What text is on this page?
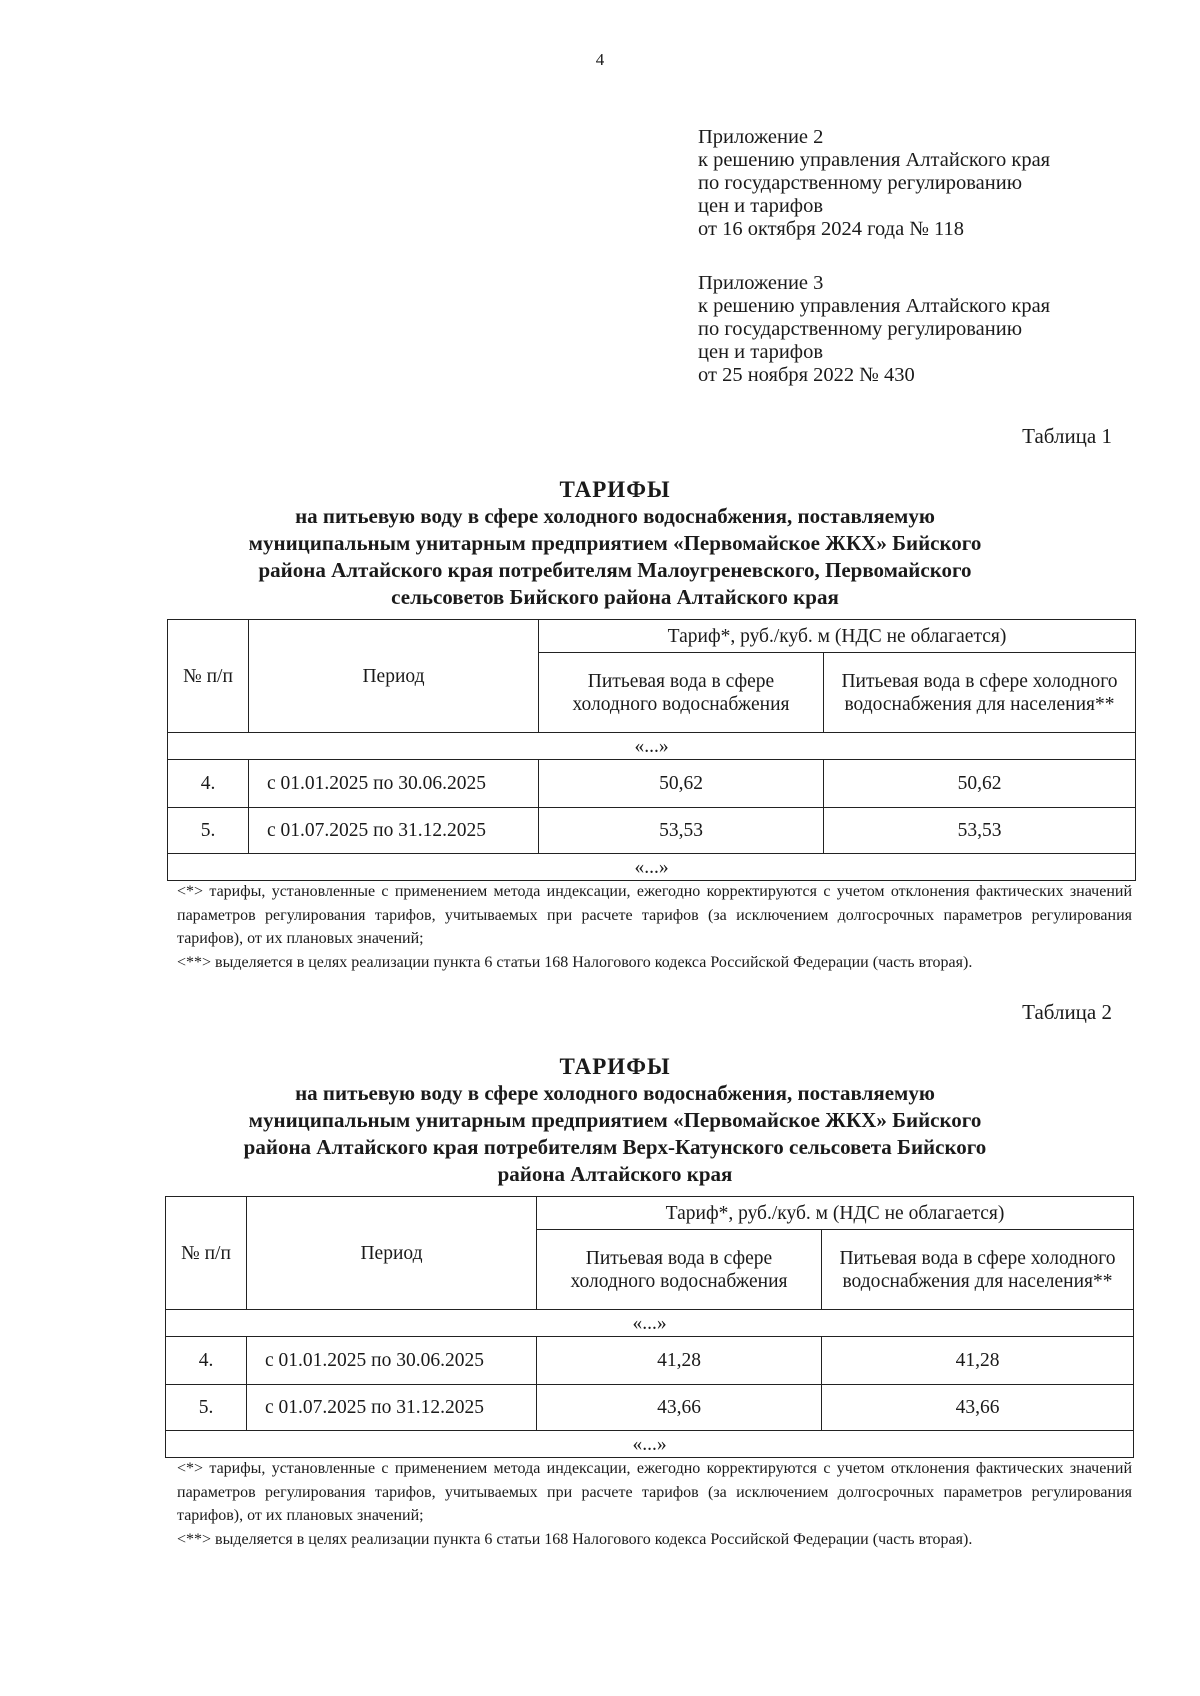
4
Приложение 2
к решению управления Алтайского края
по государственному регулированию
цен и тарифов
от 16 октября 2024 года № 118
Приложение 3
к решению управления Алтайского края
по государственному регулированию
цен и тарифов
от 25 ноября 2022 № 430
Таблица 1
ТАРИФЫ
на питьевую воду в сфере холодного водоснабжения, поставляемую
муниципальным унитарным предприятием «Первомайское ЖКХ» Бийского
района Алтайского края потребителям Малоугреневского, Первомайского
сельсоветов Бийского района Алтайского края
№ п/п	Период	Тариф*, руб./куб. м (НДС не облагается)	
		Питьевая вода в сфере холодного водоснабжения	Питьевая вода в сфере холодного водоснабжения для населения**
«...»			
4.	с 01.01.2025 по 30.06.2025	50,62	50,62
5.	с 01.07.2025 по 31.12.2025	53,53	53,53
«...»			

<*> тарифы, установленные с применением метода индексации, ежегодно корректируются с учетом отклонения фактических значений параметров регулирования тарифов, учитываемых при расчете тарифов (за исключением долгосрочных параметров регулирования тарифов), от их плановых значений;

<**> выделяется в целях реализации пункта 6 статьи 168 Налогового кодекса Российской Федерации (часть вторая).

Таблица 2
ТАРИФЫ
на питьевую воду в сфере холодного водоснабжения, поставляемую
муниципальным унитарным предприятием «Первомайское ЖКХ» Бийского
района Алтайского края потребителям Верх-Катунского сельсовета Бийского
района Алтайского края
№ п/п	Период	Тариф*, руб./куб. м (НДС не облагается)	
		Питьевая вода в сфере холодного водоснабжения	Питьевая вода в сфере холодного водоснабжения для населения**
«...»			
4.	с 01.01.2025 по 30.06.2025	41,28	41,28
5.	с 01.07.2025 по 31.12.2025	43,66	43,66
«...»			

<*> тарифы, установленные с применением метода индексации, ежегодно корректируются с учетом отклонения фактических значений параметров регулирования тарифов, учитываемых при расчете тарифов (за исключением долгосрочных параметров регулирования тарифов), от их плановых значений;

<**> выделяется в целях реализации пункта 6 статьи 168 Налогового кодекса Российской Федерации (часть вторая).
